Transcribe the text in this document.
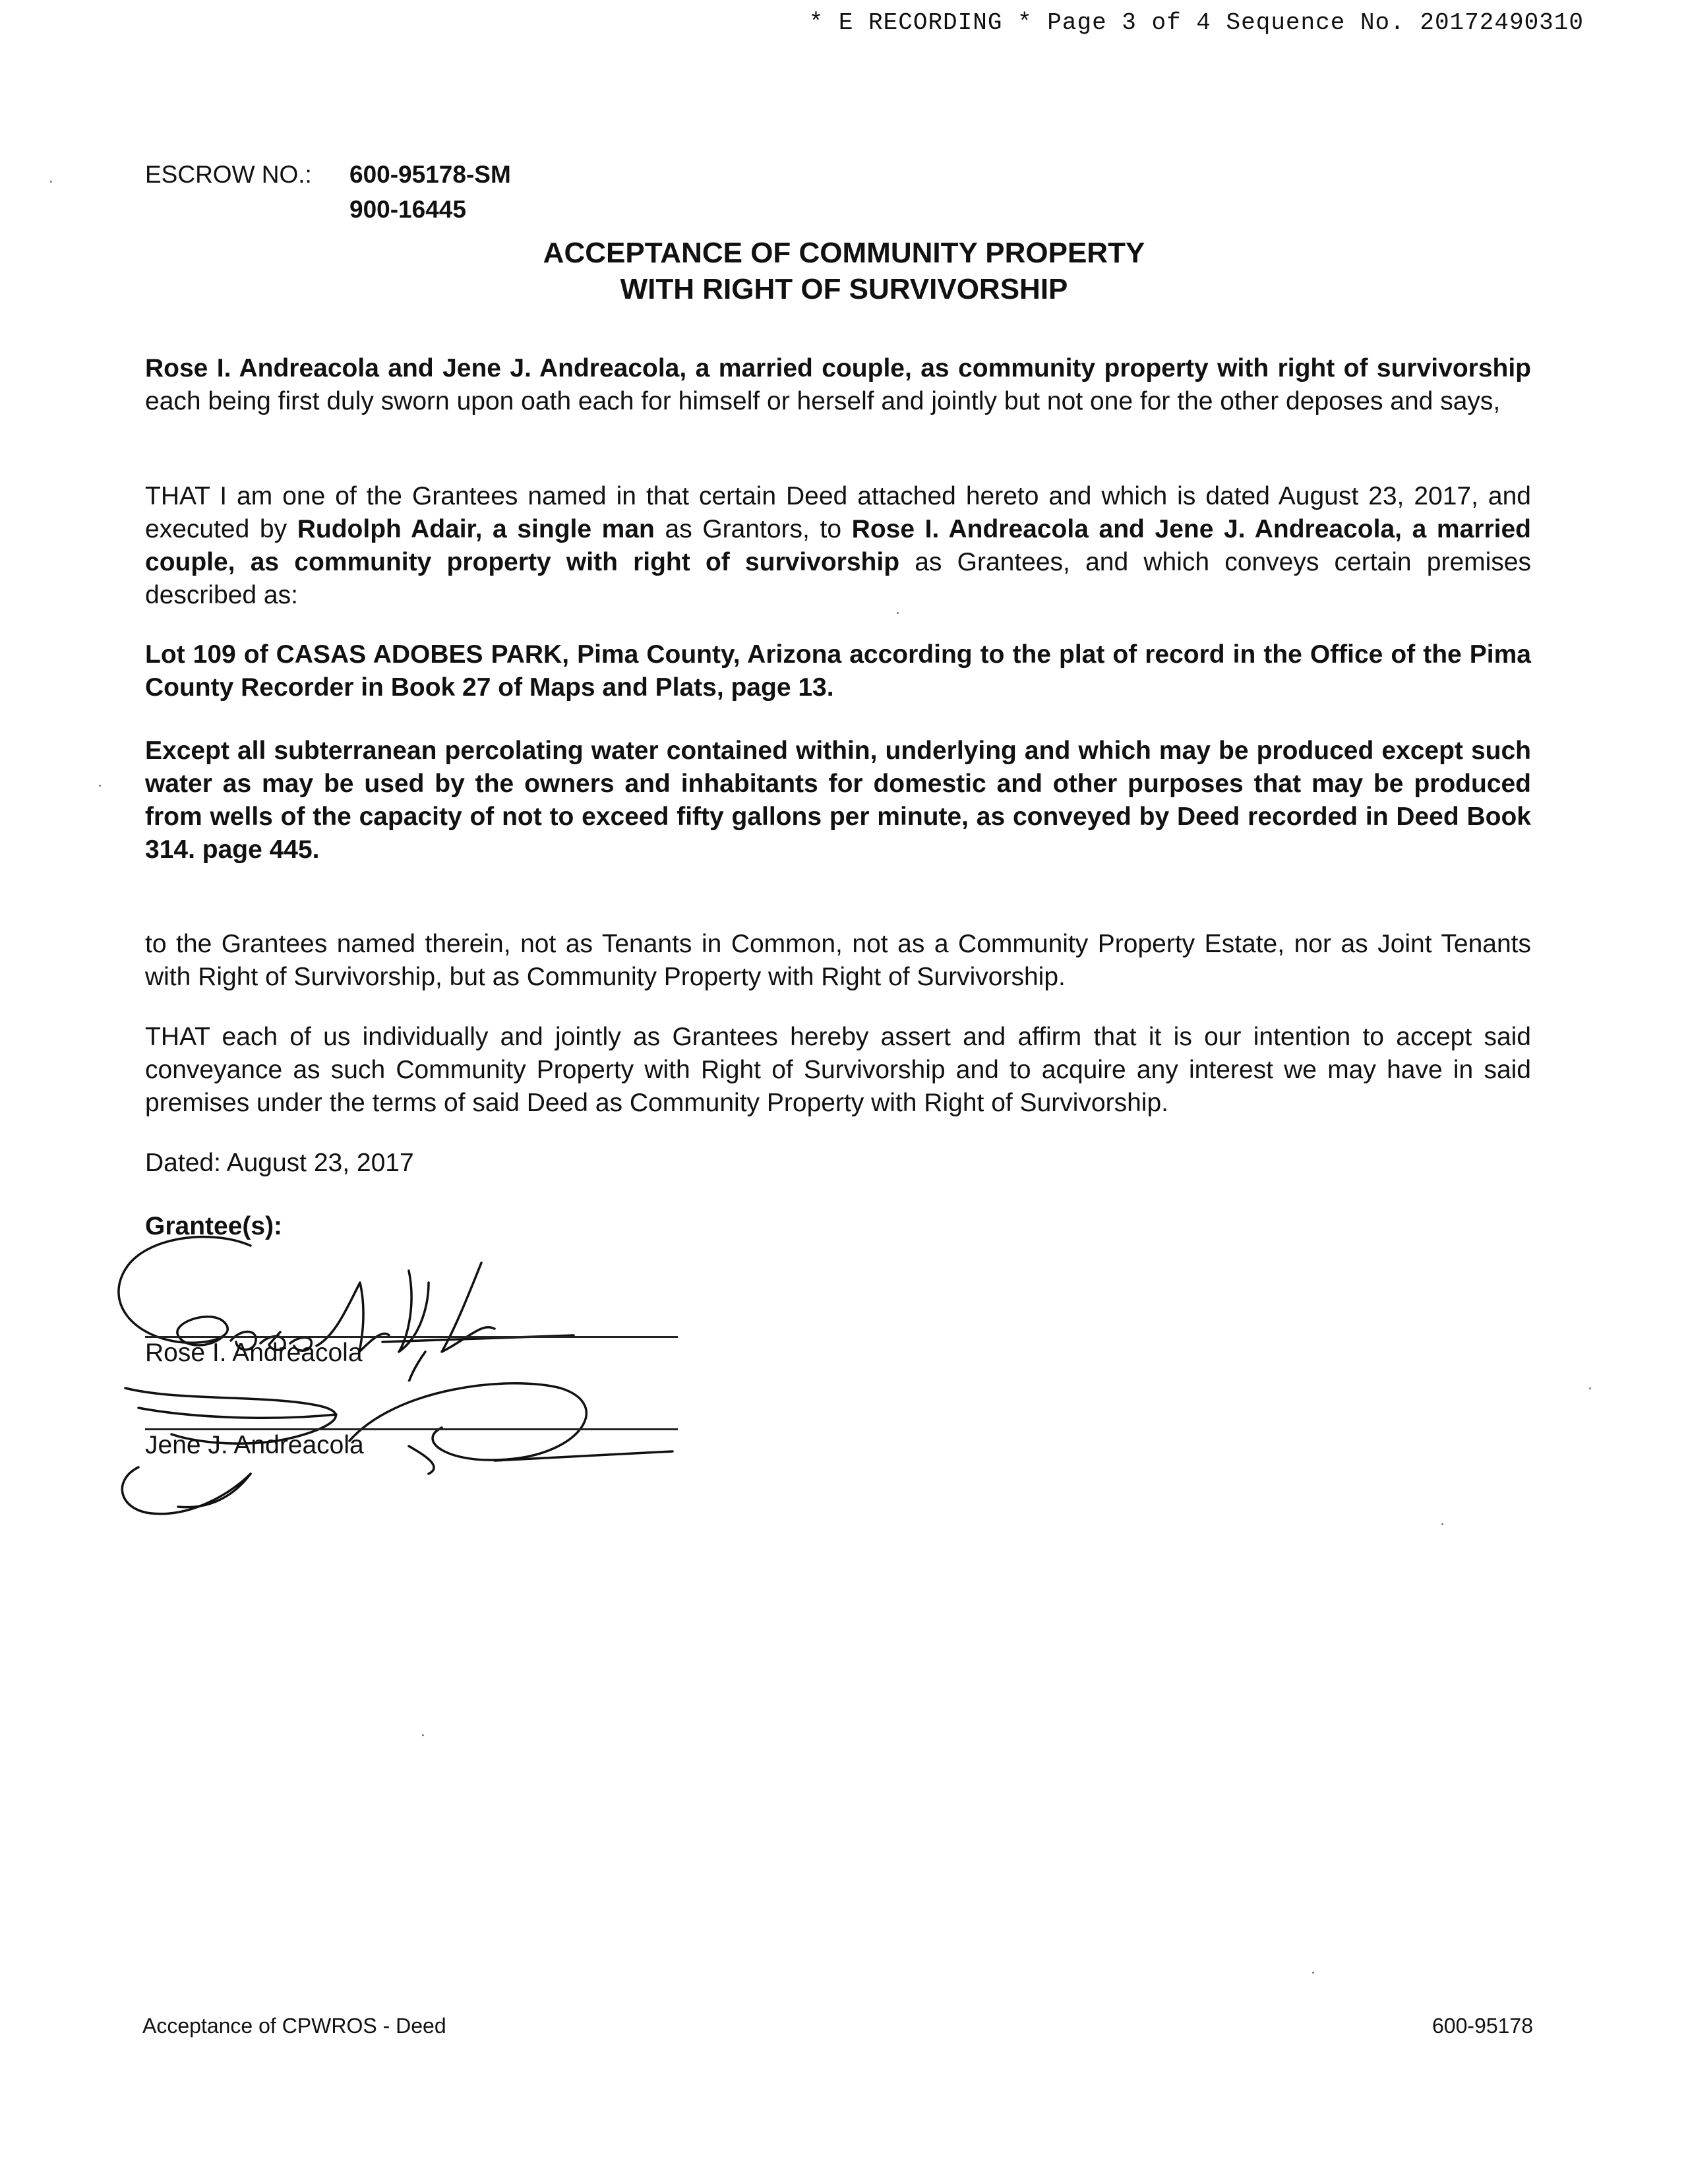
* E RECORDING * Page 3 of 4 Sequence No. 20172490310
ESCROW NO.: 600-95178-SM
900-16445
ACCEPTANCE OF COMMUNITY PROPERTY
WITH RIGHT OF SURVIVORSHIP
Rose I. Andreacola and Jene J. Andreacola, a married couple, as community property with right of survivorship each being first duly sworn upon oath each for himself or herself and jointly but not one for the other deposes and says,
THAT I am one of the Grantees named in that certain Deed attached hereto and which is dated August 23, 2017, and executed by Rudolph Adair, a single man as Grantors, to Rose I. Andreacola and Jene J. Andreacola, a married couple, as community property with right of survivorship as Grantees, and which conveys certain premises described as:
Lot 109 of CASAS ADOBES PARK, Pima County, Arizona according to the plat of record in the Office of the Pima County Recorder in Book 27 of Maps and Plats, page 13.
Except all subterranean percolating water contained within, underlying and which may be produced except such water as may be used by the owners and inhabitants for domestic and other purposes that may be produced from wells of the capacity of not to exceed fifty gallons per minute, as conveyed by Deed recorded in Deed Book 314. page 445.
to the Grantees named therein, not as Tenants in Common, not as a Community Property Estate, nor as Joint Tenants with Right of Survivorship, but as Community Property with Right of Survivorship.
THAT each of us individually and jointly as Grantees hereby assert and affirm that it is our intention to accept said conveyance as such Community Property with Right of Survivorship and to acquire any interest we may have in said premises under the terms of said Deed as Community Property with Right of Survivorship.
Dated: August 23, 2017
Grantee(s):
Rose I. Andreacola
Jene J. Andreacola
Acceptance of CPWROS - Deed	600-95178
